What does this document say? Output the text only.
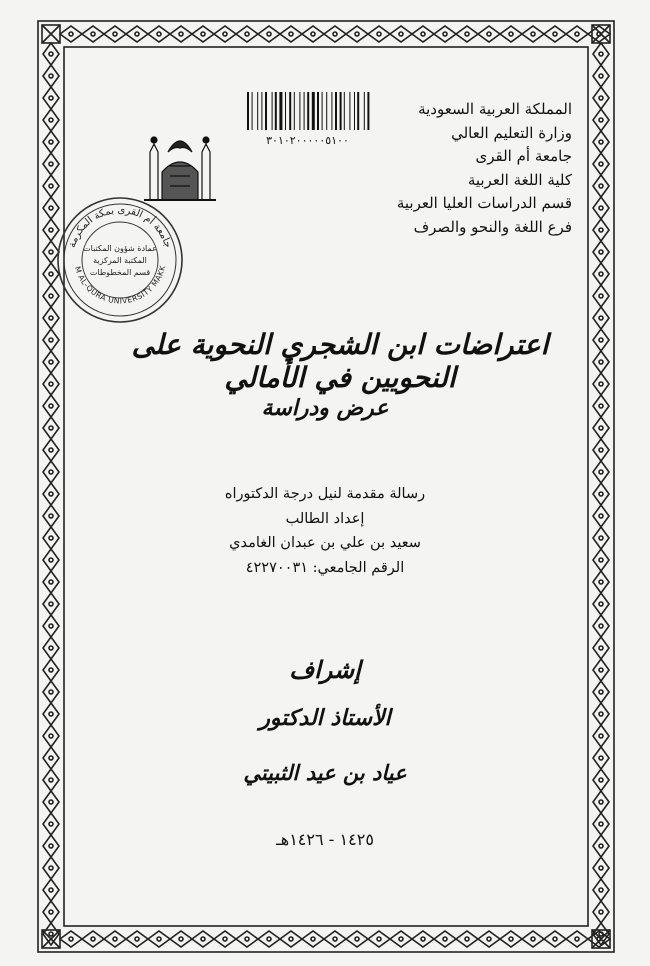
المملكة العربية السعودية
وزارة التعليم العالي
جامعة أم القرى
كلية اللغة العربية
قسم الدراسات العليا العربية
فرع اللغة والنحو والصرف
٣٠١٠٢٠٠٠٠٠٥١٠٠
جامعة أم القرى بمكة المكرمة
M AL-QURA UNIVERSITY MAKK
عمادة شؤون المكتبات
المكتبة المركزية
قسم المخطوطات
اعتراضات ابن الشجري النحوية على النحويين في الأمالي
عرض ودراسة
رسالة مقدمة لنيل درجة الدكتوراه
إعداد الطالب
سعيد بن علي بن عبدان الغامدي
الرقم الجامعي: ٤٢٢٧٠٠٣١
إشراف
الأستاذ الدكتور
عياد بن عيد الثبيتي
١٤٢٥ - ١٤٢٦هـ
